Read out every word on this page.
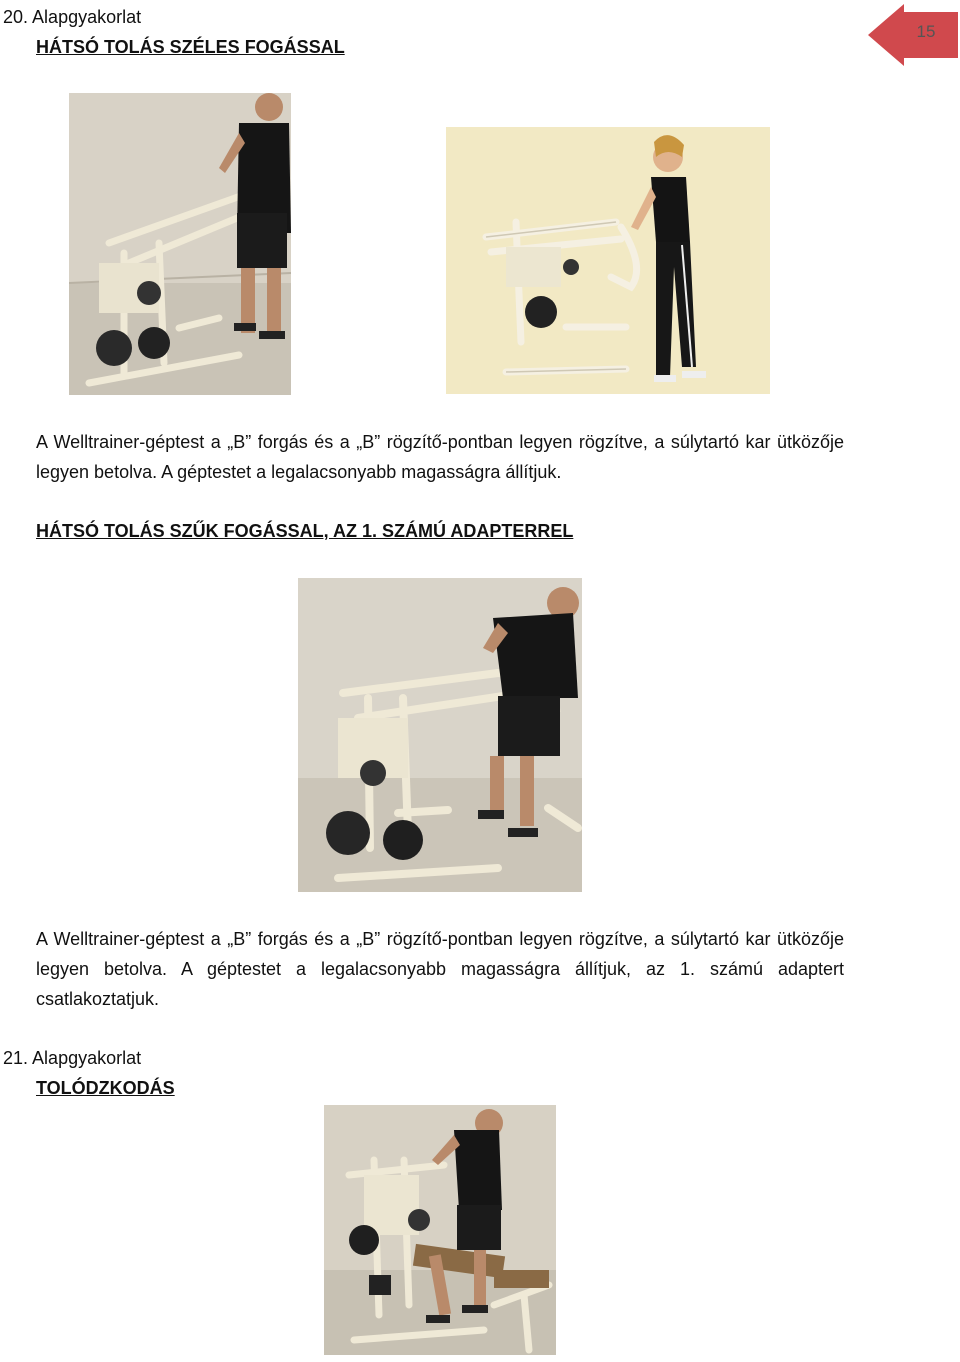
15
20. Alapgyakorlat
HÁTSÓ TOLÁS SZÉLES FOGÁSSAL
A Welltrainer-géptest a „B” forgás és a „B” rögzítő-pontban legyen rögzítve, a súlytartó kar ütközője legyen betolva. A géptestet a legalacsonyabb magasságra állítjuk.
HÁTSÓ TOLÁS SZŰK FOGÁSSAL, AZ 1. SZÁMÚ ADAPTERREL
A Welltrainer-géptest a „B” forgás és a „B” rögzítő-pontban legyen rögzítve, a súlytartó kar ütközője legyen betolva. A géptestet a legalacsonyabb magasságra állítjuk, az 1. számú adaptert csatlakoztatjuk.
21. Alapgyakorlat
TOLÓDZKODÁS
